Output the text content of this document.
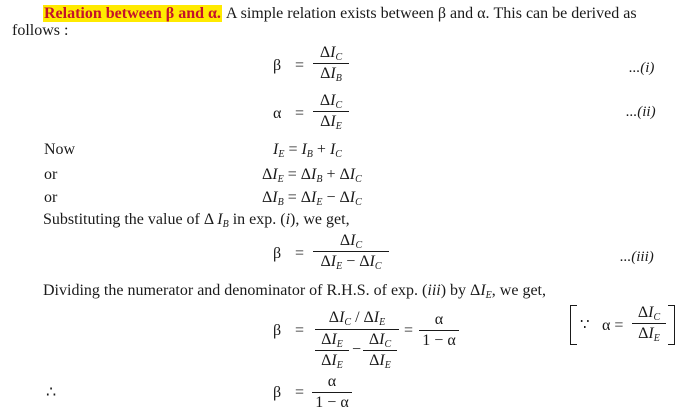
Relation between β and α. A simple relation exists between β and α. This can be derived as
follows :
β =
$\Delta I_C$
$\Delta I_B$
...(i)
α =
$\Delta I_C$
$\Delta I_E$
...(ii)
Now	$I_E = I_B + I_C$
or	$\Delta I_E = \Delta I_B + \Delta I_C$
or	$\Delta I_B = \Delta I_E - \Delta I_C$
Substituting the value of Δ $I_B$ in exp. (i), we get,
β =
$\Delta I_C$
$\Delta I_E - \Delta I_C$
...(iii)
Dividing the numerator and denominator of R.H.S. of exp. (iii) by $\Delta I_E$, we get,
β =
$\Delta I_C / \Delta I_E$
$\Delta I_E$
$\Delta I_E$
−
$\Delta I_C$
$\Delta I_E$
=
α
1 − α
∵ α =
$\Delta I_C$
$\Delta I_E$
∴	β =
α
1 − α
